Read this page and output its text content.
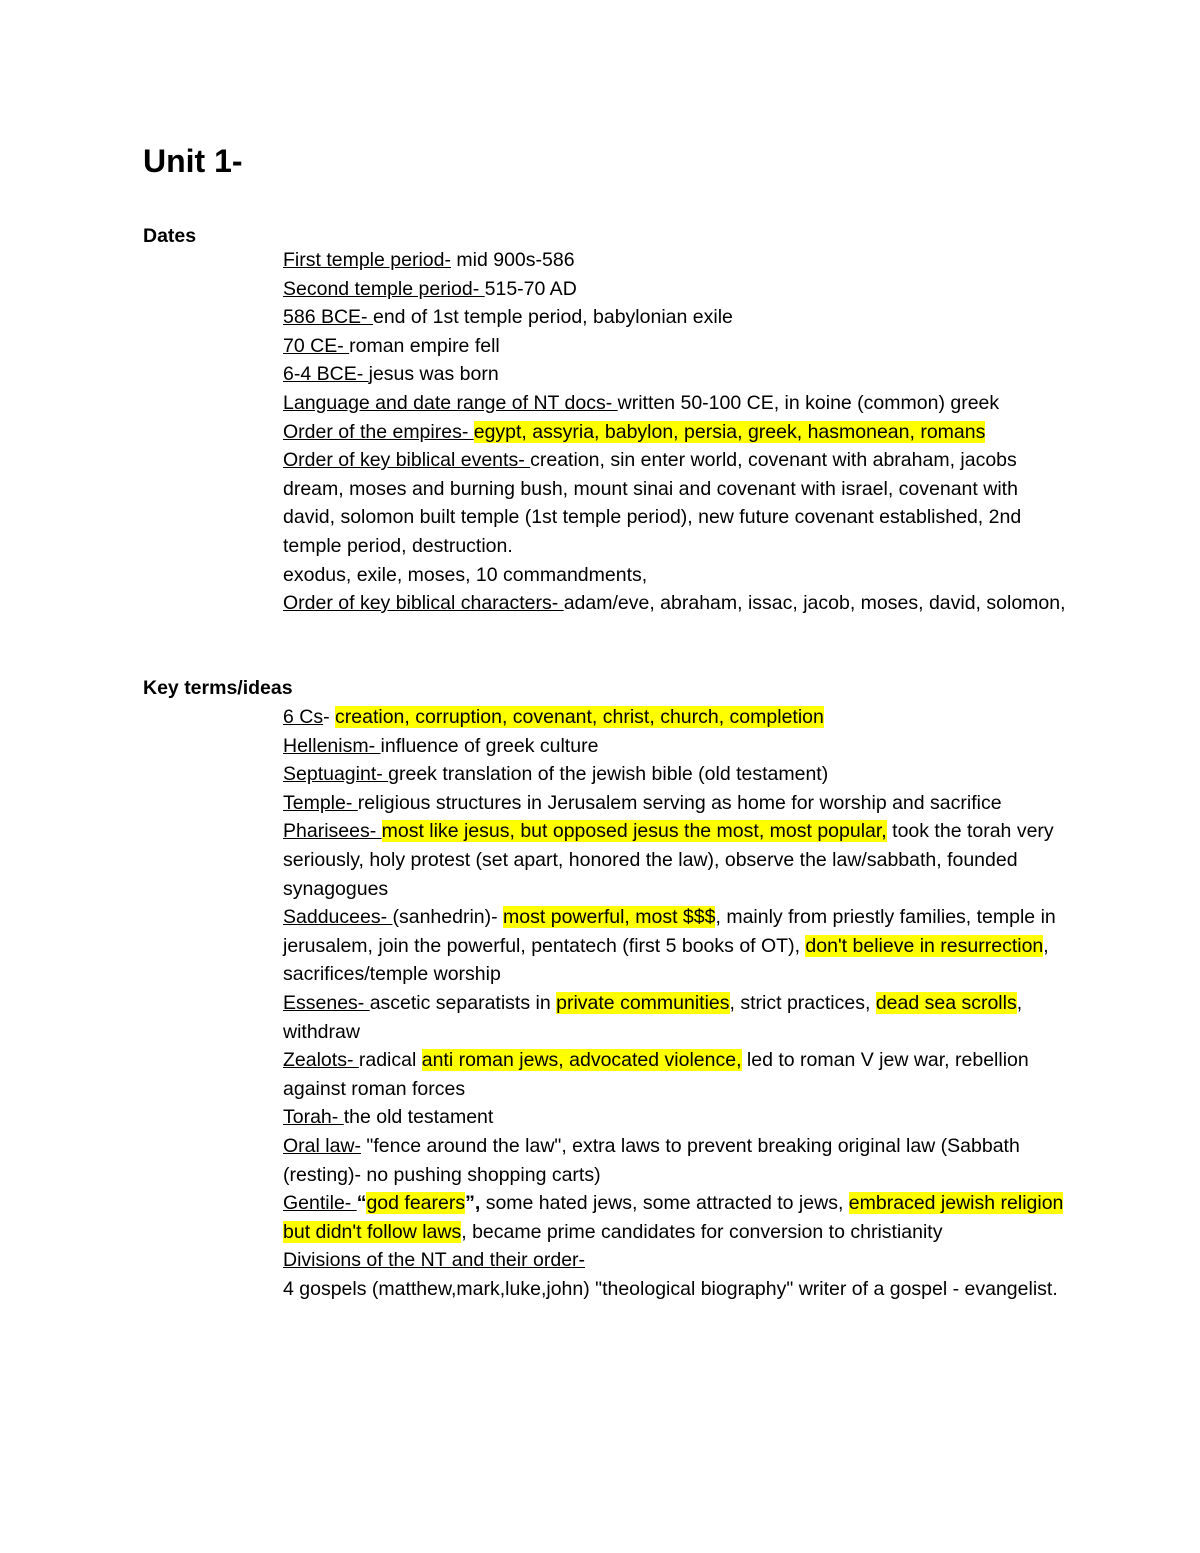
Unit 1-
Dates

First temple period- mid 900s-586

Second temple period- 515-70 AD

586 BCE- end of 1st temple period, babylonian exile

70 CE- roman empire fell

6-4 BCE- jesus was born

Language and date range of NT docs- written 50-100 CE, in koine (common) greek

Order of the empires- egypt, assyria, babylon, persia, greek, hasmonean, romans

Order of key biblical events- creation, sin enter world, covenant with abraham, jacobs dream, moses and burning bush, mount sinai and covenant with israel, covenant with david, solomon built temple (1st temple period), new future covenant established, 2nd temple period, destruction.

exodus, exile, moses, 10 commandments,

Order of key biblical characters- adam/eve, abraham, issac, jacob, moses, david, solomon,

Key terms/ideas

6 Cs- creation, corruption, covenant, christ, church, completion

Hellenism- influence of greek culture

Septuagint- greek translation of the jewish bible (old testament)

Temple- religious structures in Jerusalem serving as home for worship and sacrifice

Pharisees- most like jesus, but opposed jesus the most, most popular, took the torah very seriously, holy protest (set apart, honored the law), observe the law/sabbath, founded synagogues

Sadducees- (sanhedrin)- most powerful, most $$$, mainly from priestly families, temple in jerusalem, join the powerful, pentatech (first 5 books of OT), don't believe in resurrection, sacrifices/temple worship

Essenes- ascetic separatists in private communities, strict practices, dead sea scrolls, withdraw

Zealots- radical anti roman jews, advocated violence, led to roman V jew war, rebellion against roman forces

Torah- the old testament

Oral law- "fence around the law", extra laws to prevent breaking original law (Sabbath (resting)- no pushing shopping carts)

Gentile- “god fearers”, some hated jews, some attracted to jews, embraced jewish religion but didn't follow laws, became prime candidates for conversion to christianity

Divisions of the NT and their order-

4 gospels (matthew,mark,luke,john) "theological biography" writer of a gospel - evangelist.
